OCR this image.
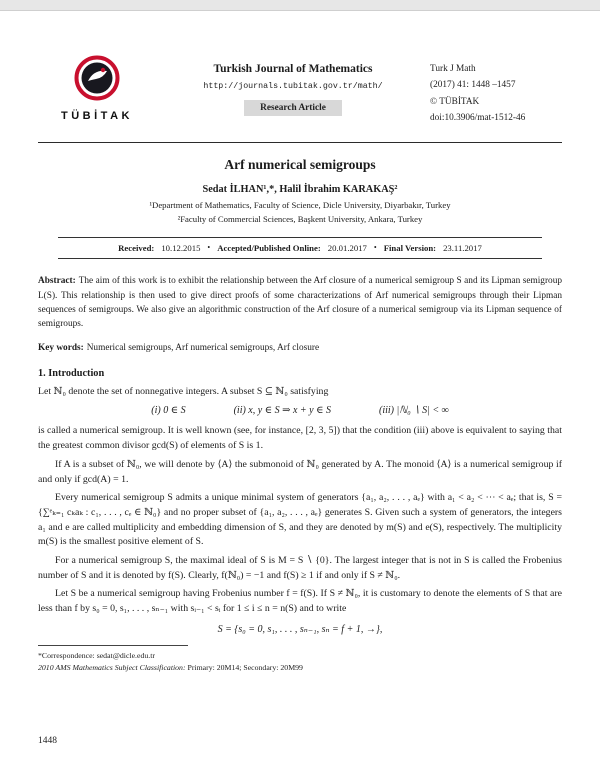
TÜBİTAK
Turkish Journal of Mathematics
http://journals.tubitak.gov.tr/math/
Research Article
Turk J Math
(2017) 41: 1448 –1457
© TÜBİTAK
doi:10.3906/mat-1512-46
Arf numerical semigroups
Sedat İLHAN¹,*, Halil İbrahim KARAKAŞ²
¹Department of Mathematics, Faculty of Science, Dicle University, Diyarbakır, Turkey
²Faculty of Commercial Sciences, Başkent University, Ankara, Turkey
Received: 10.12.2015 • Accepted/Published Online: 20.01.2017 • Final Version: 23.11.2017

Abstract: The aim of this work is to exhibit the relationship between the Arf closure of a numerical semigroup S and its Lipman semigroup L(S). This relationship is then used to give direct proofs of some characterizations of Arf numerical semigroups through their Lipman sequences of semigroups. We also give an algorithmic construction of the Arf closure of a numerical semigroup via its Lipman sequence of semigroups.

Key words: Numerical semigroups, Arf numerical semigroups, Arf closure

1. Introduction

Let ℕ₀ denote the set of nonnegative integers. A subset S ⊆ ℕ₀ satisfying

(i) 0 ∈ S	(ii) x, y ∈ S ⇒ x + y ∈ S	(iii) |ℕ₀ ∖ S| < ∞

is called a numerical semigroup. It is well known (see, for instance, [2, 3, 5]) that the condition (iii) above is equivalent to saying that the greatest common divisor gcd(S) of elements of S is 1.

If A is a subset of ℕ₀, we will denote by ⟨A⟩ the submonoid of ℕ₀ generated by A. The monoid ⟨A⟩ is a numerical semigroup if and only if gcd(A) = 1.

Every numerical semigroup S admits a unique minimal system of generators {a₁, a₂, . . . , aₑ} with a₁ < a₂ < ⋯ < aₑ; that is, S = {∑ᵉₖ₌₁ cₖaₖ : c₁, . . . , cₑ ∈ ℕ₀} and no proper subset of {a₁, a₂, . . . , aₑ} generates S. Given such a system of generators, the integers a₁ and e are called multiplicity and embedding dimension of S, and they are denoted by m(S) and e(S), respectively. The multiplicity m(S) is the smallest positive element of S.

For a numerical semigroup S, the maximal ideal of S is M = S ∖ {0}. The largest integer that is not in S is called the Frobenius number of S and it is denoted by f(S). Clearly, f(ℕ₀) = −1 and f(S) ≥ 1 if and only if S ≠ ℕ₀.

Let S be a numerical semigroup having Frobenius number f = f(S). If S ≠ ℕ₀, it is customary to denote the elements of S that are less than f by s₀ = 0, s₁, . . . , sₙ₋₁ with sᵢ₋₁ < sᵢ for 1 ≤ i ≤ n = n(S) and to write

S = {s₀ = 0, s₁, . . . , sₙ₋₁, sₙ = f + 1, →},
*Correspondence: sedat@dicle.edu.tr
2010 AMS Mathematics Subject Classification: Primary: 20M14; Secondary: 20M99
1448
